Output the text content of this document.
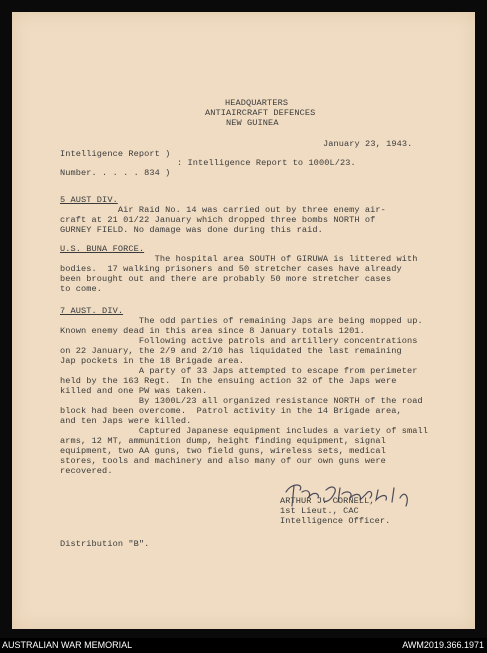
HEADQUARTERS
ANTIAIRCRAFT DEFENCES
NEW GUINEA
January 23, 1943.
Intelligence Report )
: Intelligence Report to 1000L/23.
Number. . . . . 834 )
5 AUST DIV.
Air Raid No. 14 was carried out by three enemy air-
craft at 21 01/22 January which dropped three bombs NORTH of
GURNEY FIELD. No damage was done during this raid.
U.S. BUNA FORCE.
The hospital area SOUTH of GIRUWA is littered with
bodies.  17 walking prisoners and 50 stretcher cases have already
been brought out and there are probably 50 more stretcher cases
to come.
7 AUST. DIV.
The odd parties of remaining Japs are being mopped up.
Known enemy dead in this area since 8 January totals 1201.
Following active patrols and artillery concentrations
on 22 January, the 2/9 and 2/10 has liquidated the last remaining
Jap pockets in the 18 Brigade area.
A party of 33 Japs attempted to escape from perimeter
held by the 163 Regt.  In the ensuing action 32 of the Japs were
killed and one PW was taken.
By 1300L/23 all organized resistance NORTH of the road
block had been overcome.  Patrol activity in the 14 Brigade area,
and ten Japs were killed.
Captured Japanese equipment includes a variety of small
arms, 12 MT, ammunition dump, height finding equipment, signal
equipment, two AA guns, two field guns, wireless sets, medical
stores, tools and machinery and also many of our own guns were
recovered.
ARTHUR J. CORNELL,
1st Lieut., CAC
Intelligence Officer.
Distribution "B".
AUSTRALIAN WAR MEMORIAL	AWM2019.366.1971
